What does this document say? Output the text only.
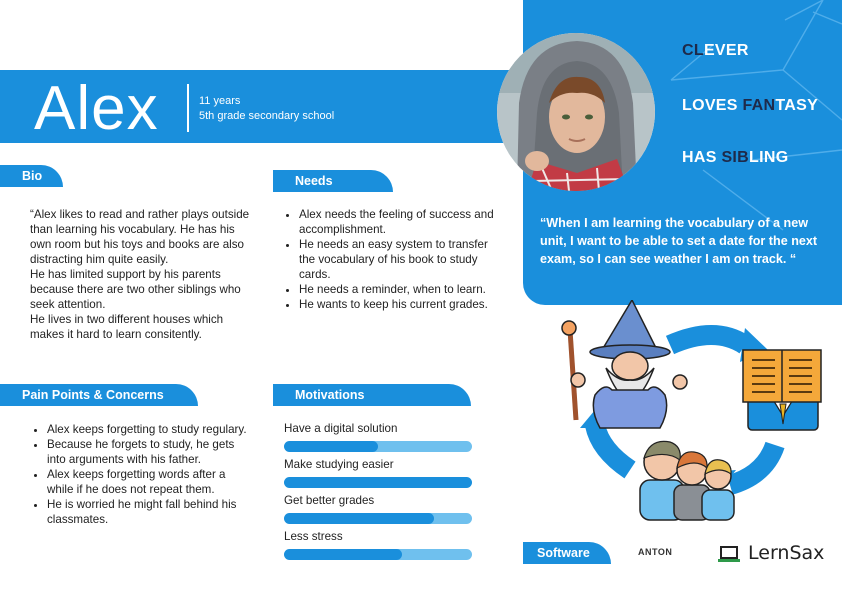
Alex	11 years
5th grade secondary school
CLEVER
LOVES FANTASY
HAS SIBLING
“When I am learning the vocabulary of a new unit, I want to be able to set a date for the next exam, so I can see weather I am on track. “
Bio

“Alex likes to read and rather plays outside than learning his vocabulary. He has his own room but his toys and books are also distracting him quite easily.

He has limited support by his parents because there are two other siblings who seek attention.

He lives in two different houses which makes it hard to learn consitently.

Needs
• Alex needs the feeling of success and accomplishment.
• He needs an easy system to transfer the vocabulary of his book to study cards.
• He needs a reminder, when to learn.
• He wants to keep his current grades.
Pain Points & Concerns
• Alex keeps forgetting to study regulary.
• Because he forgets to study, he gets into arguments with his father.
• Alex keeps forgetting words after a while if he does not repeat them.
• He is worried he might fall behind his classmates.
Motivations
Have a digital solution
Make studying easier
Get better grades
Less stress
Software	ANTON	LernSax
